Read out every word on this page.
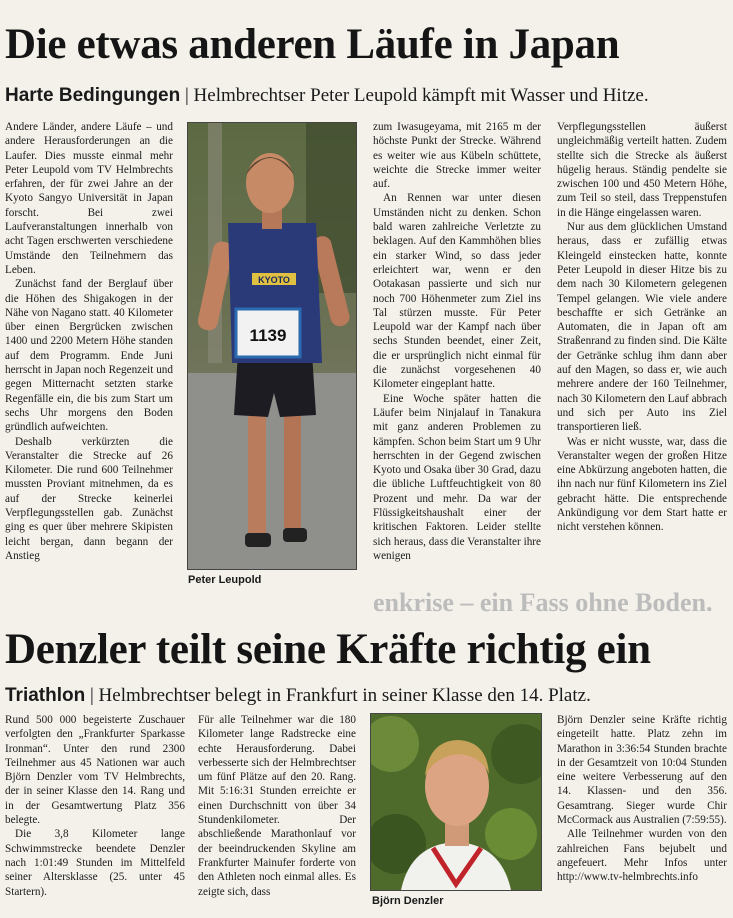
Die etwas anderen Läufe in Japan
Harte Bedingungen | Helmbrechtser Peter Leupold kämpft mit Wasser und Hitze.

Andere Länder, andere Läufe – und andere Herausforderungen an die Laufer. Dies musste einmal mehr Peter Leupold vom TV Helmbrechts erfahren, der für zwei Jahre an der Kyoto Sangyo Universität in Japan forscht. Bei zwei Laufveranstaltungen innerhalb von acht Tagen erschwerten verschiedene Umstände den Teilnehmern das Leben.

Zunächst fand der Berglauf über die Höhen des Shigakogen in der Nähe von Nagano statt. 40 Kilometer über einen Bergrücken zwischen 1400 und 2200 Metern Höhe standen auf dem Programm. Ende Juni herrscht in Japan noch Regenzeit und gegen Mitternacht setzten starke Regenfälle ein, die bis zum Start um sechs Uhr morgens den Boden gründlich aufweichten.

Deshalb verkürzten die Veranstalter die Strecke auf 26 Kilometer. Die rund 600 Teilnehmer mussten Proviant mitnehmen, da es auf der Strecke keinerlei Verpflegungsstellen gab. Zunächst ging es quer über mehrere Skipisten leicht bergan, dann begann der Anstieg

KYOTO
1139
Peter Leupold

zum Iwasugeyama, mit 2165 m der höchste Punkt der Strecke. Während es weiter wie aus Kübeln schüttete, weichte die Strecke immer weiter auf.

An Rennen war unter diesen Umständen nicht zu denken. Schon bald waren zahlreiche Verletzte zu beklagen. Auf den Kammhöhen blies ein starker Wind, so dass jeder erleichtert war, wenn er den Ootakasan passierte und sich nur noch 700 Höhenmeter zum Ziel ins Tal stürzen musste. Für Peter Leupold war der Kampf nach über sechs Stunden beendet, einer Zeit, die er ursprünglich nicht einmal für die zunächst vorgesehenen 40 Kilometer eingeplant hatte.

Eine Woche später hatten die Läufer beim Ninjalauf in Tanakura mit ganz anderen Problemen zu kämpfen. Schon beim Start um 9 Uhr herrschten in der Gegend zwischen Kyoto und Osaka über 30 Grad, dazu die übliche Luftfeuchtigkeit von 80 Prozent und mehr. Da war der Flüssigkeitshaushalt einer der kritischen Faktoren. Leider stellte sich heraus, dass die Veranstalter ihre wenigen

Verpflegungsstellen äußerst ungleichmäßig verteilt hatten. Zudem stellte sich die Strecke als äußerst hügelig heraus. Ständig pendelte sie zwischen 100 und 450 Metern Höhe, zum Teil so steil, dass Treppenstufen in die Hänge eingelassen waren.

Nur aus dem glücklichen Umstand heraus, dass er zufällig etwas Kleingeld einstecken hatte, konnte Peter Leupold in dieser Hitze bis zu dem nach 30 Kilometern gelegenen Tempel gelangen. Wie viele andere beschaffte er sich Getränke an Automaten, die in Japan oft am Straßenrand zu finden sind. Die Kälte der Getränke schlug ihm dann aber auf den Magen, so dass er, wie auch mehrere andere der 160 Teilnehmer, nach 30 Kilometern den Lauf abbrach und sich per Auto ins Ziel transportieren ließ.

Was er nicht wusste, war, dass die Veranstalter wegen der großen Hitze eine Abkürzung angeboten hatten, die ihn nach nur fünf Kilometern ins Ziel gebracht hätte. Die entsprechende Ankündigung vor dem Start hatte er nicht verstehen können.

enkrise – ein Fass ohne Boden.
Denzler teilt seine Kräfte richtig ein
Triathlon | Helmbrechtser belegt in Frankfurt in seiner Klasse den 14. Platz.

Rund 500 000 begeisterte Zuschauer verfolgten den „Frankfurter Sparkasse Ironman“. Unter den rund 2300 Teilnehmer aus 45 Nationen war auch Björn Denzler vom TV Helmbrechts, der in seiner Klasse den 14. Rang und in der Gesamtwertung Platz 356 belegte.

Die 3,8 Kilometer lange Schwimmstrecke beendete Denzler nach 1:01:49 Stunden im Mittelfeld seiner Altersklasse (25. unter 45 Startern).

Für alle Teilnehmer war die 180 Kilometer lange Radstrecke eine echte Herausforderung. Dabei verbesserte sich der Helmbrechtser um fünf Plätze auf den 20. Rang. Mit 5:16:31 Stunden erreichte er einen Durchschnitt von über 34 Stundenkilometer. Der abschließende Marathonlauf vor der beeindruckenden Skyline am Frankfurter Mainufer forderte von den Athleten noch einmal alles. Es zeigte sich, dass

Björn Denzler

Björn Denzler seine Kräfte richtig eingeteilt hatte. Platz zehn im Marathon in 3:36:54 Stunden brachte in der Gesamtzeit von 10:04 Stunden eine weitere Verbesserung auf den 14. Klassen- und den 356. Gesamtrang. Sieger wurde Chir McCormack aus Australien (7:59:55).

Alle Teilnehmer wurden von den zahlreichen Fans bejubelt und angefeuert. Mehr Infos unter http://www.tv-helmbrechts.info
